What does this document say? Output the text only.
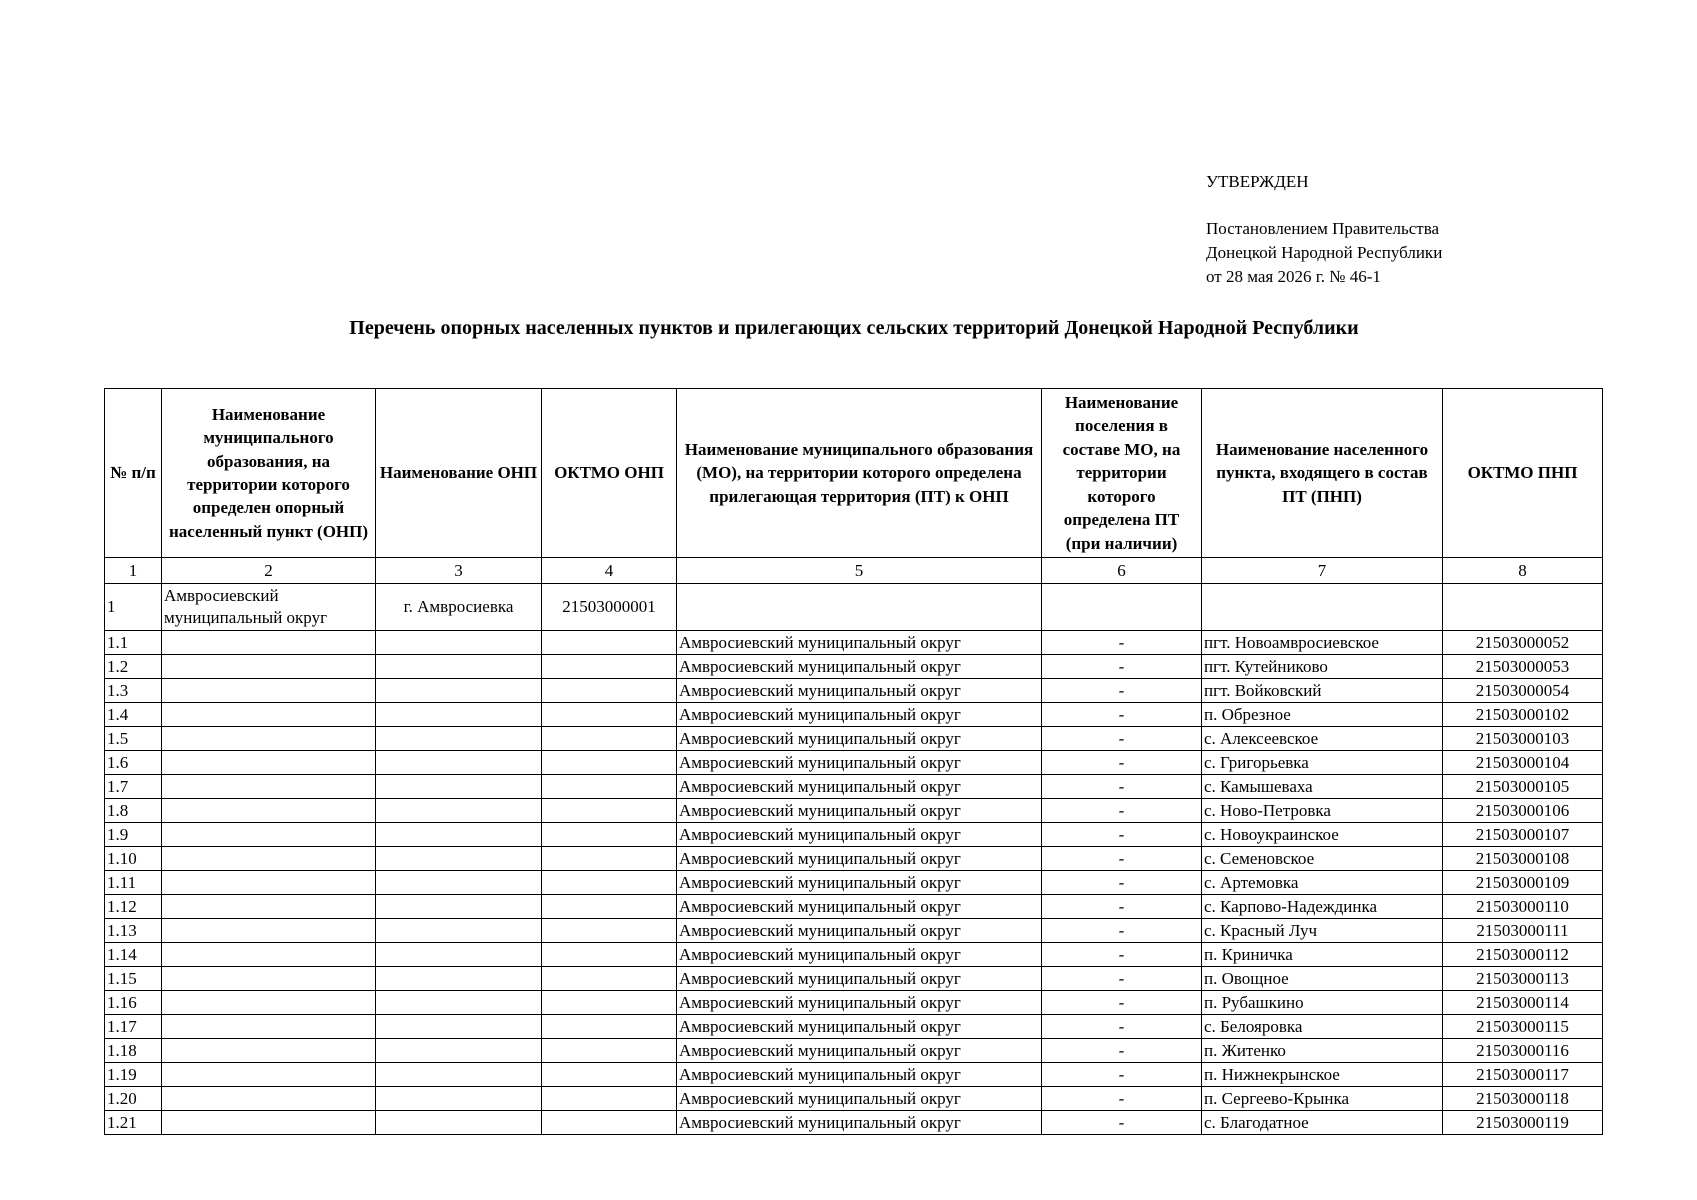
УТВЕРЖДЕН
Постановлением Правительства
Донецкой Народной Республики
от 28 мая 2026 г. № 46-1
Перечень опорных населенных пунктов и прилегающих сельских территорий Донецкой Народной Республики
№ п/п	Наименование муниципального образования, на территории которого определен опорный населенный пункт (ОНП)	Наименование ОНП	ОКТМО ОНП	Наименование муниципального образования (МО), на территории которого определена прилегающая территория (ПТ) к ОНП	Наименование поселения в составе МО, на территории которого определена ПТ (при наличии)	Наименование населенного пункта, входящего в состав ПТ (ПНП)	ОКТМО ПНП
1	2	3	4	5	6	7	8
1	Амвросиевский муниципальный округ	г. Амвросиевка	21503000001				
1.1				Амвросиевский муниципальный округ	-	пгт. Новоамвросиевское	21503000052
1.2				Амвросиевский муниципальный округ	-	пгт. Кутейниково	21503000053
1.3				Амвросиевский муниципальный округ	-	пгт. Войковский	21503000054
1.4				Амвросиевский муниципальный округ	-	п. Обрезное	21503000102
1.5				Амвросиевский муниципальный округ	-	с. Алексеевское	21503000103
1.6				Амвросиевский муниципальный округ	-	с. Григорьевка	21503000104
1.7				Амвросиевский муниципальный округ	-	с. Камышеваха	21503000105
1.8				Амвросиевский муниципальный округ	-	с. Ново-Петровка	21503000106
1.9				Амвросиевский муниципальный округ	-	с. Новоукраинское	21503000107
1.10				Амвросиевский муниципальный округ	-	с. Семеновское	21503000108
1.11				Амвросиевский муниципальный округ	-	с. Артемовка	21503000109
1.12				Амвросиевский муниципальный округ	-	с. Карпово-Надеждинка	21503000110
1.13				Амвросиевский муниципальный округ	-	с. Красный Луч	21503000111
1.14				Амвросиевский муниципальный округ	-	п. Криничка	21503000112
1.15				Амвросиевский муниципальный округ	-	п. Овощное	21503000113
1.16				Амвросиевский муниципальный округ	-	п. Рубашкино	21503000114
1.17				Амвросиевский муниципальный округ	-	с. Белояровка	21503000115
1.18				Амвросиевский муниципальный округ	-	п. Житенко	21503000116
1.19				Амвросиевский муниципальный округ	-	п. Нижнекрынское	21503000117
1.20				Амвросиевский муниципальный округ	-	п. Сергеево-Крынка	21503000118
1.21				Амвросиевский муниципальный округ	-	с. Благодатное	21503000119
